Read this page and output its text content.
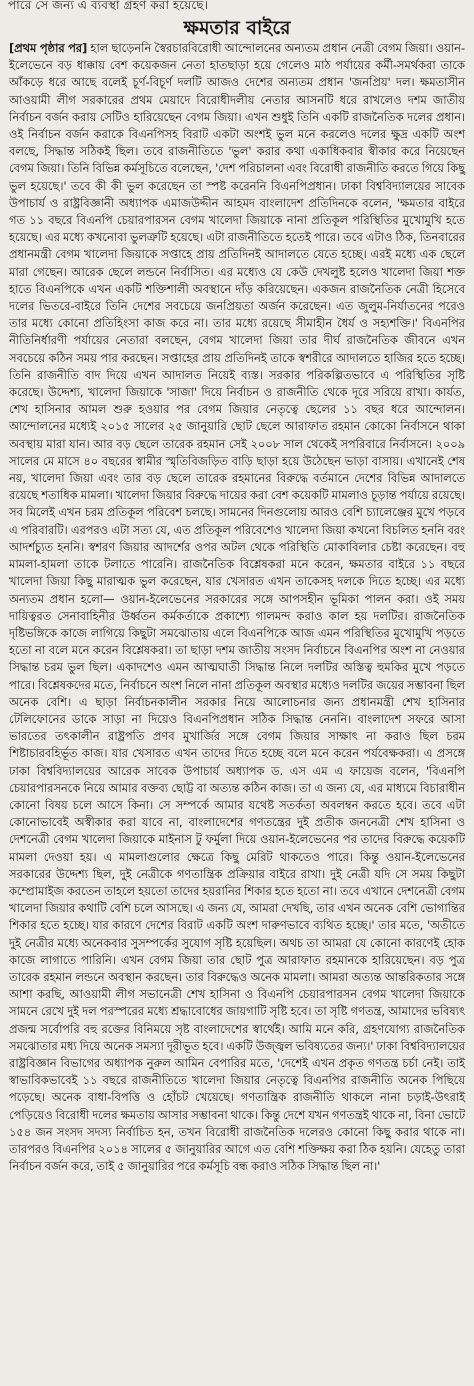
পারে সে জন্য এ ব্যবস্থা গ্রহণ করা হয়েছে।
ক্ষমতার বাইরে

[প্রথম পৃষ্ঠার পর] হাল ছাড়েননি স্বৈরচারবিরোধী আন্দোলনের অন্যতম প্রধান নেত্রী বেগম জিয়া। ওয়ান-ইলেভেনে বড় ধাক্কায় বেশ কয়েকজন নেতা হাতছাড়া হয়ে গেলেও মাঠ পর্যায়ের কর্মী-সমর্থকরা তাকে আঁকড়ে ধরে আছে বলেই চূর্ণ-বিচূর্ণ দলটি আজও দেশের অন্যতম প্রধান 'জনপ্রিয়' দল। ক্ষমতাসীন আওয়ামী লীগ সরকারের প্রথম মেয়াদে বিরোধীদলীয় নেতার আসনটি ধরে রাখলেও দশম জাতীয় নির্বাচন বর্জন করায় সেটিও হারিয়েছেন বেগম জিয়া। এখন শুধুই তিনি একটি রাজনৈতিক দলের প্রধান। ওই নির্বাচন বর্জন করাকে বিএনপিসহ বিরাট একটা অংশই ভুল মনে করলেও দলের ক্ষুদ্র একটি অংশ বলছে, সিদ্ধান্ত সঠিকই ছিল। তবে রাজনীতিতে 'ভুল' করার কথা একাধিকবার স্বীকার করে নিয়েছেন বেগম জিয়া। তিনি বিভিন্ন কর্মসূচিতে বলেছেন, 'দেশ পরিচালনা এবং বিরোধী রাজনীতি করতে গিয়ে কিছু ভুল হয়েছে।' তবে কী কী ভুল করেছেন তা স্পষ্ট করেননি বিএনপিপ্রধান। ঢাকা বিশ্ববিদ্যালয়ের সাবেক উপাচার্য ও রাষ্ট্রবিজ্ঞানী অধ্যাপক এমাজউদ্দীন আহমদ বাংলাদেশ প্রতিদিনকে বলেন, 'ক্ষমতার বাইরে গত ১১ বছরে বিএনপি চেয়ারপারসন বেগম খালেদা জিয়াকে নানা প্রতিকূল পরিস্থিতির মুখোমুখি হতে হয়েছে। এর মধ্যে কখনোবা ভুলত্রুটি হয়েছে। এটা রাজনীতিতে হতেই পারে। তবে এটাও ঠিক, তিনবারের প্রধানমন্ত্রী বেগম খালেদা জিয়াকে সপ্তাহে প্রায় প্রতিদিনই আদালতে যেতে হচ্ছে। এরই মধ্যে এক ছেলে মারা গেছেন। আরেক ছেলে লন্ডনে নির্বাসিত। এর মধ্যেও যে কেউ দেখলুষ্ট হলেও খালেদা জিয়া শক্ত হাতে বিএনপিকে এখন একটি শক্তিশালী অবস্থানে দাঁড় করিয়েছেন। একজন রাজনৈতিক নেত্রী হিসেবে দলের ভিতরে-বাইরে তিনি দেশের সবচেয়ে জনপ্রিয়তা অর্জন করেছেন। এত জুলুম-নির্যাতনের পরেও তার মধ্যে কোনো প্রতিহিংসা কাজ করে না। তার মধ্যে রয়েছে সীমাহীন ধৈর্য ও সহ্যশক্তি।' বিএনপির নীতিনির্ধারণী পর্যায়ের নেতারা বলছেন, বেগম খালেদা জিয়া তার দীর্ঘ রাজনৈতিক জীবনে এখন সবচেয়ে কঠিন সময় পার করছেন। সপ্তাহের প্রায় প্রতিদিনই তাকে স্বশরীরে আদালতে হাজির হতে হচ্ছে। তিনি রাজনীতি বাদ দিয়ে এখন আদালত নিয়েই ব্যস্ত। সরকার পরিকল্পিতভাবে এ পরিস্থিতির সৃষ্টি করেছে। উদ্দেশ্য, খালেদা জিয়াকে 'সাজা' দিয়ে নির্বাচন ও রাজনীতি থেকে দূরে সরিয়ে রাখা। কার্যত, শেখ হাসিনার আমল শুরু হওয়ার পর বেগম জিয়ার নেতৃত্বে ছেলের ১১ বছর ধরে আন্দোলন। আন্দোলনের মধ্যেই ২০১৫ সালের ২৫ জানুয়ারি ছোট ছেলে আরাফাত রহমান কোকো নির্বাসনে থাকা অবস্থায় মারা যান। আর বড় ছেলে তারেক রহমান সেই ২০০৮ সাল থেকেই সপরিবারে নির্বাসনে। ২০০৯ সালের মে মাসে ৪০ বছরের স্বামীর স্মৃতিবিজড়িত বাড়ি ছাড়া হয়ে উঠেছেন ভাড়া বাসায়। এখানেই শেষ নয়, খালেদা জিয়া এবং তার বড় ছেলে তারেক রহমানের বিরুদ্ধে বর্তমানে দেশের বিভিন্ন আদালতে রয়েছে শতাধিক মামলা। খালেদা জিয়ার বিরুদ্ধে দায়ের করা বেশ কয়েকটি মামলাও চূড়ান্ত পর্যায়ে রয়েছে। সব মিলেই এখন চরম প্রতিকূল পরিবেশ চলছে। সামনের দিনগুলোয় আরও বেশি চ্যালেঞ্জের মুখে পড়বে এ পরিবারটি। এরপরও এটা সত্য যে, এত প্রতিকূল পরিবেশেও খালেদা জিয়া কখনো বিচলিত হননি বরং আদর্শচ্যুত হননি। স্বশরণ জিয়ার আদর্শের ওপর অটল থেকে পরিস্থিতি মোকাবিলার চেষ্টা করেছেন। বহু মামলা-হামলা তাকে টলাতে পারেনি। রাজনৈতিক বিশ্লেষকরা মনে করেন, ক্ষমতার বাইরে ১১ বছরে খালেদা জিয়া কিছু মারাত্মক ভুল করেছেন, যার খেসারত এখন তাকেসহ দলকে দিতে হচ্ছে। এর মধ্যে অন্যতম প্রধান হলো— ওয়ান-ইলেভেনের সরকারের সঙ্গে আপসহীন ভূমিকা পালন করা। ওই সময় দায়িত্বরত সেনাবাহিনীর উর্ধ্বতন কর্মকর্তাকে প্রকাশ্যে গালমন্দ করাও কাল হয় দলটির। রাজনৈতিক দৃষ্টিভঙ্গিকে কাজে লাগিয়ে কিছুটা সমঝোতায় এলে বিএনপিকে আজ এমন পরিস্থিতির মুখোমুখি পড়তে হতো না বলে মনে করেন বিশ্লেষকরা। তা ছাড়া দশম জাতীয় সংসদ নির্বাচনে বিএনপির অংশ না নেওয়ার সিদ্ধান্ত চরম ভুল ছিল। একাদশেও এমন আত্মঘাতী সিদ্ধান্ত নিলে দলটির অস্তিত্ব হুমকির মুখে পড়তে পারে। বিশ্লেষকদের মতে, নির্বাচনে অংশ নিলে নানা প্রতিকূল অবস্থার মধ্যেও দলটির জয়ের সম্ভাবনা ছিল অনেক বেশি। এ ছাড়া নির্বাচনকালীন সরকার নিয়ে আলোচনার জন্য প্রধানমন্ত্রী শেখ হাসিনার টেলিফোনের ডাকে সাড়া না দিয়েও বিএনপিপ্রধান সঠিক সিদ্ধান্ত নেননি। বাংলাদেশ সফরে আসা ভারতের তৎকালীন রাষ্ট্রপতি প্রণব মুখার্জির সঙ্গে বেগম জিয়ার সাক্ষাৎ না করাও ছিল চরম শিষ্টাচারবহির্ভূত কাজ। যার খেসারত এখন তাদের দিতে হচ্ছে বলে মনে করেন পর্যবেক্ষকরা। এ প্রসঙ্গে ঢাকা বিশ্ববিদ্যালয়ের আরেক সাবেক উপাচার্য অধ্যাপক ড. এস এম এ ফায়েজ বলেন, 'বিএনপি চেয়ারপারসনকে নিয়ে আমার বক্তব্য ছোট্ট বা অত্যন্ত কঠিন কাজ। তা এ জন্য যে, এর মাধ্যমে বিচারাধীন কোনো বিষয় চলে আসে কিনা। সে সম্পর্কে আমার যথেষ্ট সতর্কতা অবলম্বন করতে হবে। তবে এটা কোনোভাবেই অস্বীকার করা যাবে না, বাংলাদেশের গণতন্ত্রের দুই প্রতীক জননেত্রী শেখ হাসিনা ও দেশনেত্রী বেগম খালেদা জিয়াকে মাইনাস টু ফর্মুলা দিয়ে ওয়ান-ইলেভেনের পর তাদের বিরুদ্ধে কয়েকটি মামলা দেওয়া হয়। এ মামলাগুলোর ক্ষেত্রে কিছু মেরিট থাকতেও পারে। কিন্তু ওয়ান-ইলেভেনের সরকারের উদ্দেশ্য ছিল, দুই নেত্রীকে গণতান্ত্রিক প্রক্রিয়ার বাইরে রাখা। দুই নেত্রী যদি সে সময় কিছুটা কম্প্রোমাইজ করতেন তাহলে হয়তো তাদের হয়রানির শিকার হতে হতো না। তবে এখানে দেশনেত্রী বেগম খালেদা জিয়ার কথাটি বেশি চলে আসছে। এ জন্য যে, আমরা দেখছি, তার এখন অনেক বেশি ভোগান্তির শিকার হতে হচ্ছে। যার কারণে দেশের বিরাট একটি অংশ দারুণভাবে ব্যথিত হচ্ছে।' তার মতে, 'অতীতে দুই নেত্রীর মধ্যে অনেকবার সুসম্পর্কের সুযোগ সৃষ্টি হয়েছিল। অথচ তা আমরা যে কোনো কারণেই হোক কাজে লাগাতে পারিনি। এখন বেগম জিয়া তার ছোট পুত্র আরাফাত রহমানকে হারিয়েছেন। বড় পুত্র তারেক রহমান লন্ডনে অবস্থান করছেন। তার বিরুদ্ধেও অনেক মামলা। আমরা অত্যন্ত আন্তরিকতার সঙ্গে আশা করছি, আওয়ামী লীগ সভানেত্রী শেখ হাসিনা ও বিএনপি চেয়ারপারসন বেগম খালেদা জিয়াকে সামনে রেখে দুই দল পরস্পরের মধ্যে শ্রদ্ধাবোধের জায়গাটি সৃষ্টি হবে। তা সৃষ্টি গণতন্ত্র, আমাদের ভবিষ্যৎ প্রজন্ম সর্বোপরি বহু রক্তের বিনিময়ে সৃষ্ট বাংলাদেশের স্বার্থেই। আমি মনে করি, গ্রহণযোগ্য রাজনৈতিক সমঝোতার মধ্য দিয়ে অনেক সমস্যা দূরীভূত হবে। একটি উজ্জ্বল ভবিষ্যতের জন্য।' ঢাকা বিশ্ববিদ্যালয়ের রাষ্ট্রবিজ্ঞান বিভাগের অধ্যাপক নুরুল আমিন বেপারির মতে, 'দেশেই এখন প্রকৃত গণতন্ত্র চর্চা নেই। তাই স্বাভাবিকভাবেই ১১ বছরে রাজনীতিতে খালেদা জিয়ার নেতৃত্বে বিএনপির রাজনীতি অনেক পিছিয়ে পড়েছে। অনেক বাধা-বিপত্তি ও হোঁচট খেয়েছে। গণতান্ত্রিক রাজনীতি থাকলে নানা চড়াই-উৎরাই পেড়িয়েও বিরোধী দলের ক্ষমতায় আসার সম্ভাবনা থাকে। কিন্তু দেশে যখন গণতন্ত্রই থাকে না, বিনা ভোটে ১৫৪ জন সংসদ সদস্য নির্বাচিত হন, তখন বিরোধী রাজনৈতিক দলেরও কোনো কিছু করার থাকে না। তারপরও বিএনপির ২০১৪ সালের ৫ জানুয়ারির আগে এত বেশি শক্তিক্ষয় করা ঠিক হয়নি। যেহেতু তারা নির্বাচন বর্জন করে, তাই ৫ জানুয়ারির পরে কর্মসূচি বন্ধ করাও সঠিক সিদ্ধান্ত ছিল না।'
